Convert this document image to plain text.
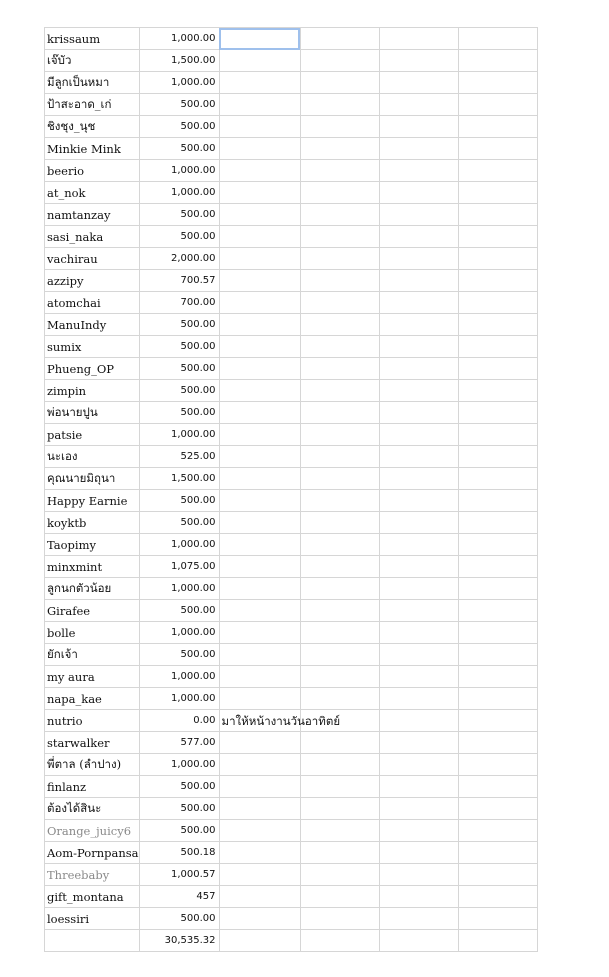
krissaum	1,000.00				
เจ๊บัว	1,500.00				
มีลูกเป็นหมา	1,000.00				
ป้าสะอาด_เก่	500.00				
ชิงชุง_นุช	500.00				
Minkie Mink	500.00				
beerio	1,000.00				
at_nok	1,000.00				
namtanzay	500.00				
sasi_naka	500.00				
vachirau	2,000.00				
azzipy	700.57				
atomchai	700.00				
ManuIndy	500.00				
sumix	500.00				
Phueng_OP	500.00				
zimpin	500.00				
พ่อนายปูน	500.00				
patsie	1,000.00				
นะเอง	525.00				
คุณนายมิถุนา	1,500.00				
Happy Earnie	500.00				
koyktb	500.00				
Taopimy	1,000.00				
minxmint	1,075.00				
ลูกนกตัวน้อย	1,000.00				
Girafee	500.00				
bolle	1,000.00				
ยักเจ้า	500.00				
my aura	1,000.00				
napa_kae	1,000.00				
nutrio	0.00	มาให้หน้างานวันอาทิตย์			

starwalker	577.00				
พี่ตาล (ลำปาง)	1,000.00				
finlanz	500.00				
ต้องได้สินะ	500.00				
Orange_juicy6	500.00				
Aom-Pornpansa	500.18				
Threebaby	1,000.57				
gift_montana	457				
loessiri	500.00				
	30,535.32				
